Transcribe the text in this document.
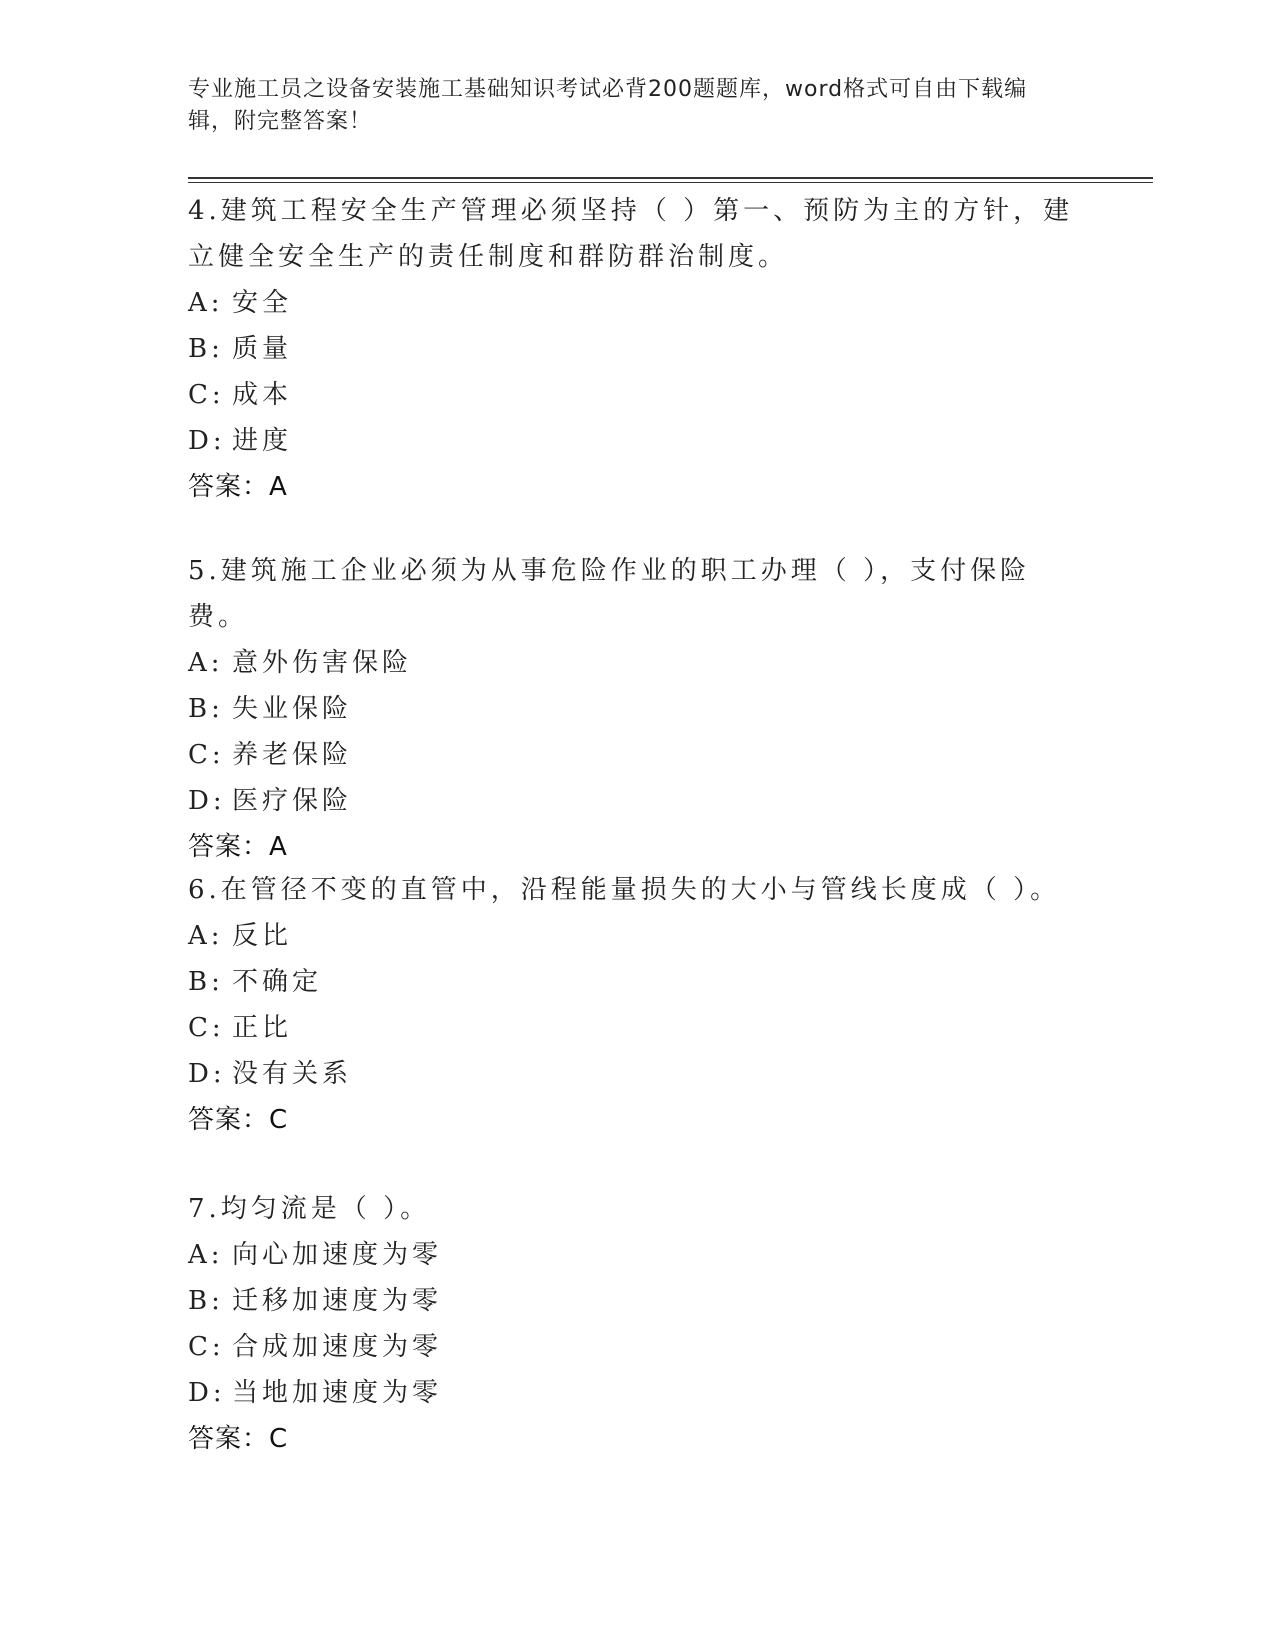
专业施工员之设备安装施工基础知识考试必背200题题库，word格式可自由下载编辑，附完整答案！
4.建筑工程安全生产管理必须坚持（ ）第一、预防为主的方针，建立健全安全生产的责任制度和群防群治制度。
A: 安全
B: 质量
C: 成本
D: 进度
答案：A
5.建筑施工企业必须为从事危险作业的职工办理（ ），支付保险费。
A: 意外伤害保险
B: 失业保险
C: 养老保险
D: 医疗保险
答案：A
6.在管径不变的直管中，沿程能量损失的大小与管线长度成（ ）。
A: 反比
B: 不确定
C: 正比
D: 没有关系
答案：C
7.均匀流是（ ）。
A: 向心加速度为零
B: 迁移加速度为零
C: 合成加速度为零
D: 当地加速度为零
答案：C
